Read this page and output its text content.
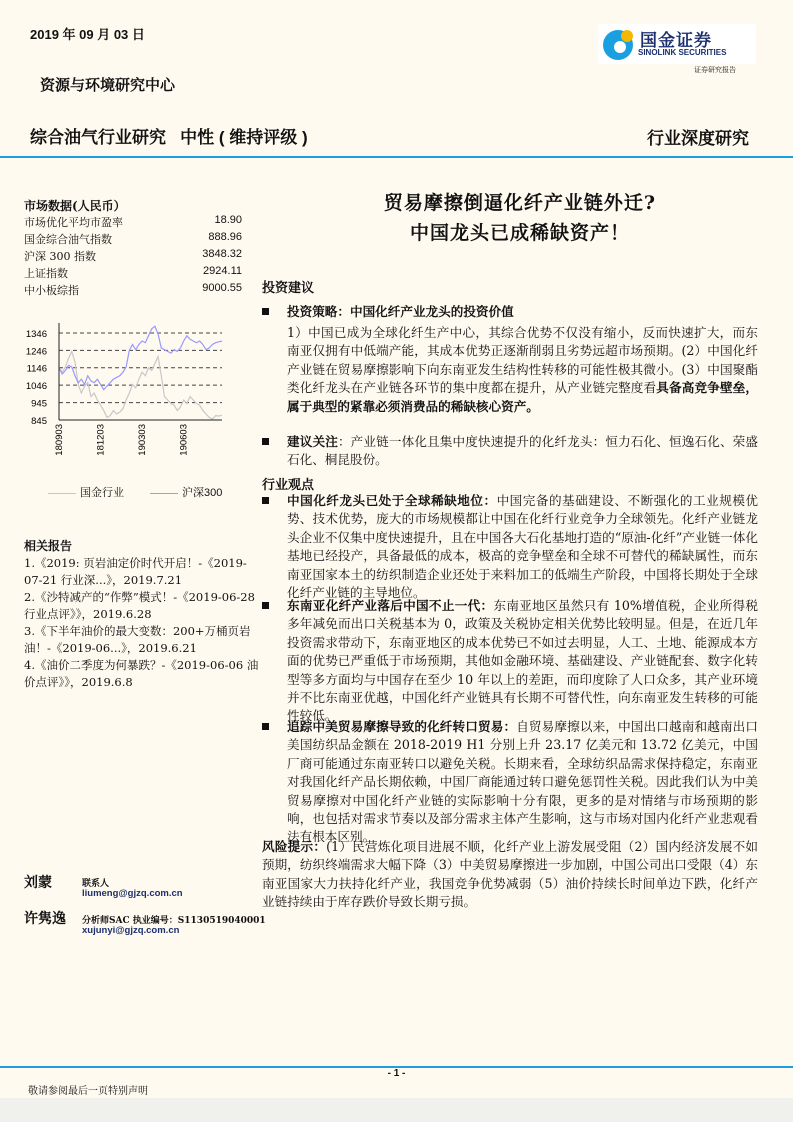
2019 年 09 月 03 日	国金证券
SINOLINK SECURITIES
证券研究报告
资源与环境研究中心
综合油气行业研究   中性 ( 维持评级 )	行业深度研究
市场数据(人民币）
市场优化平均市盈率	18.90
国金综合油气指数	888.96
沪深 300 指数	3848.32
上证指数	2924.11
中小板综指	9000.55
1346
1246
1146
1046
945
845
180903	181203	190303	190603
国金行业	沪深300
相关报告
1.《2019: 页岩油定价时代开启！-《2019-07-21 行业深...》，2019.7.21
2.《沙特减产的“作弊”模式！-《2019-06-28 行业点评》》，2019.6.28
3.《下半年油价的最大变数：200+万桶页岩油！-《2019-06...》，2019.6.21
4.《油价二季度为何暴跌？-《2019-06-06 油价点评》》，2019.6.8
刘蒙	联系人
liumeng@gjzq.com.cn
许隽逸 分析师SAC 执业编号：S1130519040001
xujunyi@gjzq.com.cn
贸易摩擦倒逼化纤产业链外迁?
中国龙头已成稀缺资产！
投资建议
投资策略：中国化纤产业龙头的投资价值
1）中国已成为全球化纤生产中心，其综合优势不仅没有缩小，反而快速扩大，而东南亚仅拥有中低端产能，其成本优势正逐渐削弱且劣势远超市场预期。(2）中国化纤产业链在贸易摩擦影响下向东南亚发生结构性转移的可能性极其微小。(3）中国聚酯类化纤龙头在产业链各环节的集中度都在提升，从产业链完整度看具备高竞争壁垒，属于典型的紧靠必须消费品的稀缺核心资产。
建议关注：产业链一体化且集中度快速提升的化纤龙头：恒力石化、恒逸石化、荣盛石化、桐昆股份。
行业观点
中国化纤龙头已处于全球稀缺地位：中国完备的基础建设、不断强化的工业规模优势、技术优势，庞大的市场规模都让中国在化纤行业竞争力全球领先。化纤产业链龙头企业不仅集中度快速提升，且在中国各大石化基地打造的“原油-化纤”产业链一体化基地已经投产，具备最低的成本，极高的竞争壁垒和全球不可替代的稀缺属性，而东南亚国家本土的纺织制造企业还处于来料加工的低端生产阶段，中国将长期处于全球化纤产业链的主导地位。
东南亚化纤产业落后中国不止一代：东南亚地区虽然只有 10%增值税，企业所得税多年减免而出口关税基本为 0，政策及关税协定相关优势比较明显。但是，在近几年投资需求带动下，东南亚地区的成本优势已不如过去明显，人工、土地、能源成本方面的优势已严重低于市场预期，其他如金融环境、基础建设、产业链配套、数字化转型等多方面均与中国存在至少 10 年以上的差距，而印度除了人口众多，其产业环境并不比东南亚优越，中国化纤产业链具有长期不可替代性，向东南亚发生转移的可能性较低。
追踪中美贸易摩擦导致的化纤转口贸易：自贸易摩擦以来，中国出口越南和越南出口美国纺织品金额在 2018-2019 H1 分别上升 23.17 亿美元和 13.72 亿美元，中国厂商可能通过东南亚转口以避免关税。长期来看，全球纺织品需求保持稳定，东南亚对我国化纤产品长期依赖，中国厂商能通过转口避免惩罚性关税。因此我们认为中美贸易摩擦对中国化纤产业链的实际影响十分有限，更多的是对情绪与市场预期的影响，也包括对需求节奏以及部分需求主体产生影响，这与市场对国内化纤产业悲观看法有根本区别。
风险提示：(1）民营炼化项目进展不顺，化纤产业上游发展受阻（2）国内经济发展不如预期，纺织终端需求大幅下降（3）中美贸易摩擦进一步加剧，中国公司出口受限（4）东南亚国家大力扶持化纤产业，我国竞争优势减弱（5）油价持续长时间单边下跌，化纤产业链持续由于库存跌价导致长期亏损。
- 1 -
敬请参阅最后一页特别声明
